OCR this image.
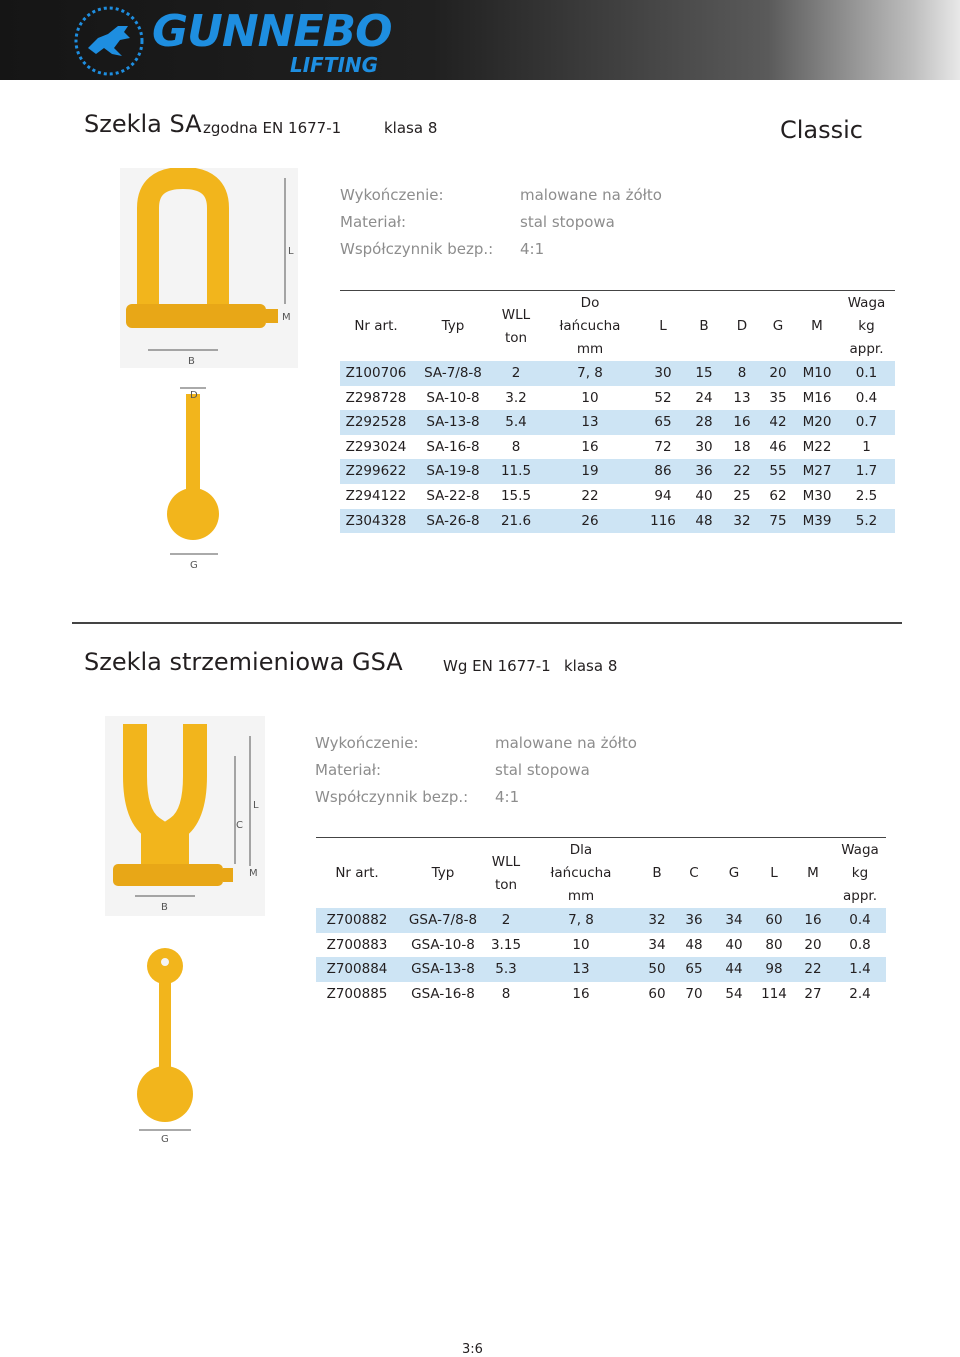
GUNNEBO
LIFTING
Szekla SA zgodna EN 1677-1	klasa 8	Classic
L
M
B
D
G
Wykończenie:	malowane na żółto
Materiał:	stal stopowa
Współczynnik bezp.: 4:1
Nr art.	Typ	WLL
ton	Do
łańcucha
mm	L	B	D	G	M	Waga
kg
appr.
Z100706	SA-7/8-8	2	7, 8	30	15	8	20	M10	0.1
Z298728	SA-10-8	3.2	10	52	24	13	35	M16	0.4
Z292528	SA-13-8	5.4	13	65	28	16	42	M20	0.7
Z293024	SA-16-8	8	16	72	30	18	46	M22	1
Z299622	SA-19-8	11.5	19	86	36	22	55	M27	1.7
Z294122	SA-22-8	15.5	22	94	40	25	62	M30	2.5
Z304328	SA-26-8	21.6	26	116	48	32	75	M39	5.2
Szekla strzemieniowa GSA	Wg EN 1677-1 klasa 8
L
C
M
B
G
Wykończenie:	malowane na żółto
Materiał:	stal stopowa
Współczynnik bezp.: 4:1
Nr art.	Typ	WLL
ton	Dla
łańcucha
mm	B	C	G	L	M	Waga
kg
appr.
Z700882	GSA-7/8-8	2	7, 8	32	36	34	60	16	0.4
Z700883	GSA-10-8	3.15	10	34	48	40	80	20	0.8
Z700884	GSA-13-8	5.3	13	50	65	44	98	22	1.4
Z700885	GSA-16-8	8	16	60	70	54	114	27	2.4
3:6
